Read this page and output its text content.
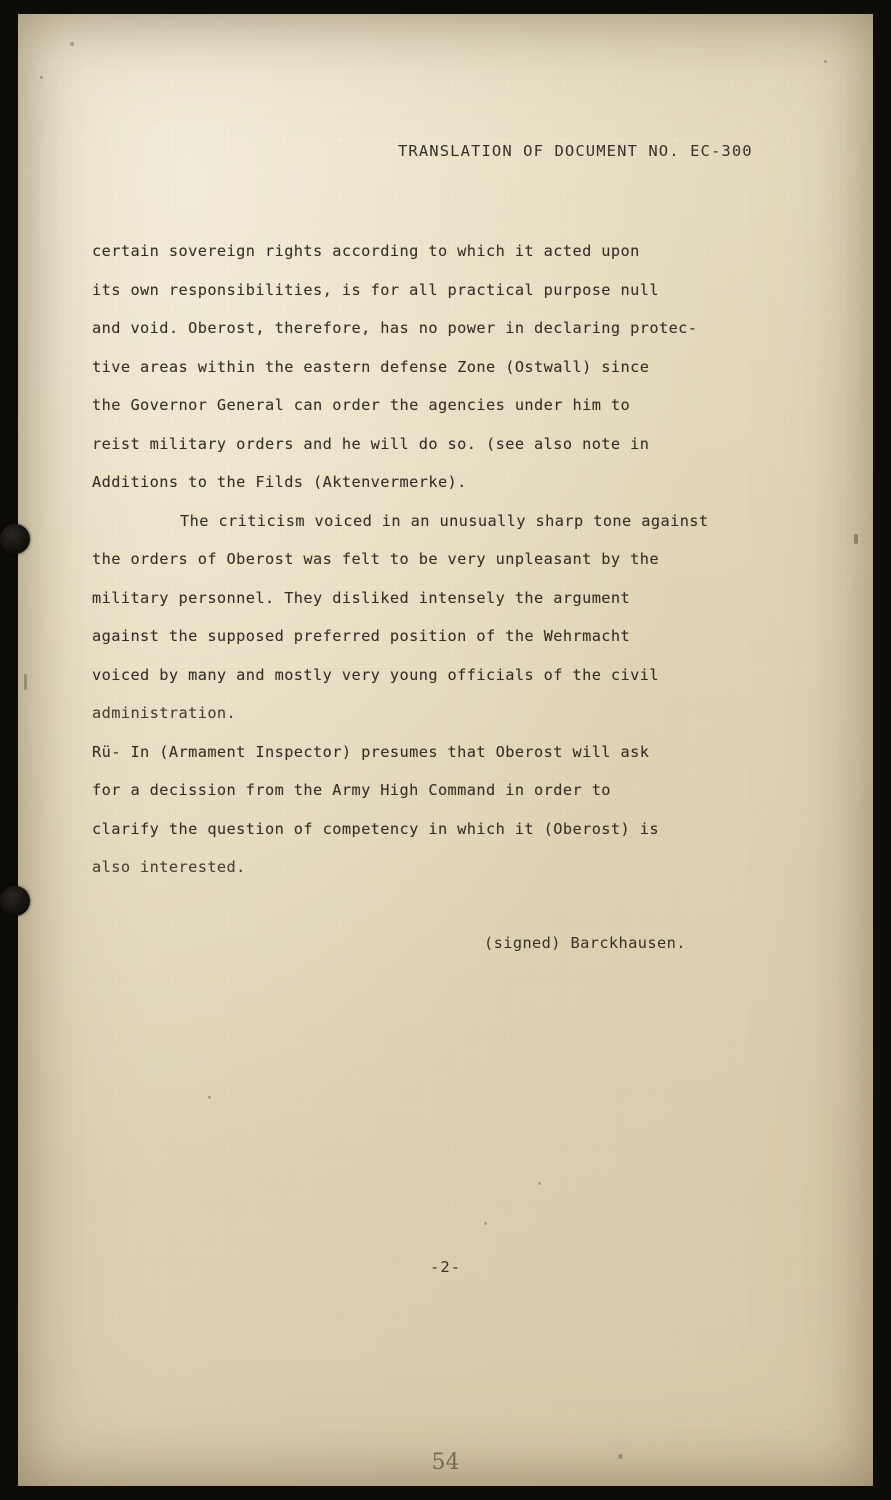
TRANSLATION OF DOCUMENT NO. EC-300
certain sovereign rights according to which it acted upon
its own responsibilities, is for all practical purpose null
and void. Oberost, therefore, has no power in declaring protec-
tive areas within the eastern defense Zone (Ostwall) since
the Governor General can order the agencies under him to
reist military orders and he will do so. (see also note in
Additions to the Filds (Aktenvermerke).
The criticism voiced in an unusually sharp tone against
the orders of Oberost was felt to be very unpleasant by the
military personnel. They disliked intensely the argument
against the supposed preferred position of the Wehrmacht
voiced by many and mostly very young officials of the civil
administration.
Rü- In (Armament Inspector) presumes that Oberost will ask
for a decission from the Army High Command in order to
clarify the question of competency in which it (Oberost) is
also interested.
(signed) Barckhausen.
-2-
54
